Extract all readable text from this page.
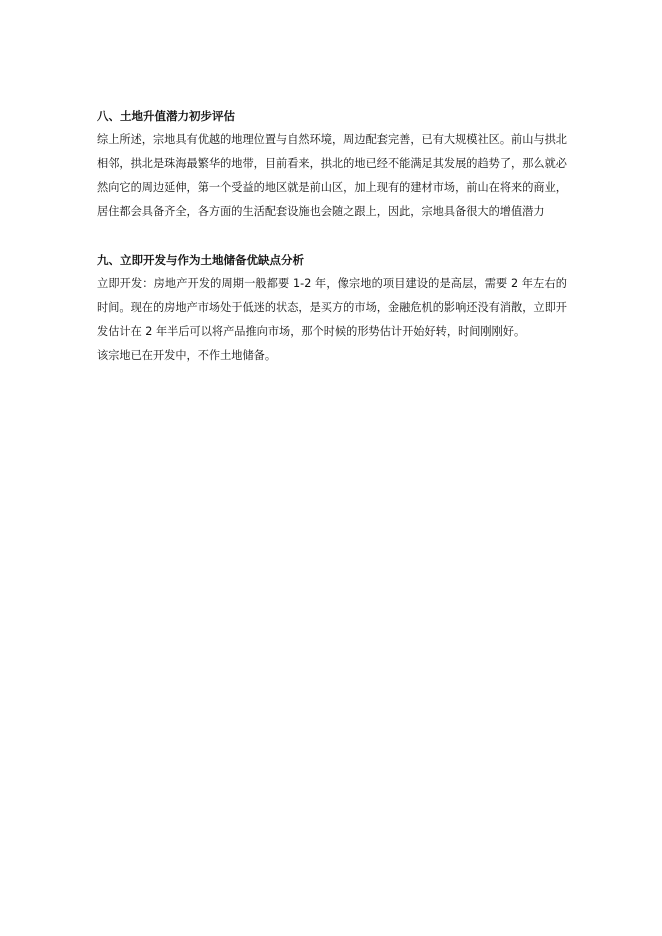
八、土地升值潜力初步评估

综上所述，宗地具有优越的地理位置与自然环境，周边配套完善，已有大规模社区。前山与拱北相邻，拱北是珠海最繁华的地带，目前看来，拱北的地已经不能满足其发展的趋势了，那么就必然向它的周边延伸，第一个受益的地区就是前山区，加上现有的建材市场，前山在将来的商业，居住都会具备齐全，各方面的生活配套设施也会随之跟上，因此，宗地具备很大的增值潜力

九、立即开发与作为土地储备优缺点分析

立即开发：房地产开发的周期一般都要 1-2 年，像宗地的项目建设的是高层，需要 2 年左右的时间。现在的房地产市场处于低迷的状态，是买方的市场，金融危机的影响还没有消散，立即开发估计在 2 年半后可以将产品推向市场，那个时候的形势估计开始好转，时间刚刚好。

该宗地已在开发中，不作土地储备。
